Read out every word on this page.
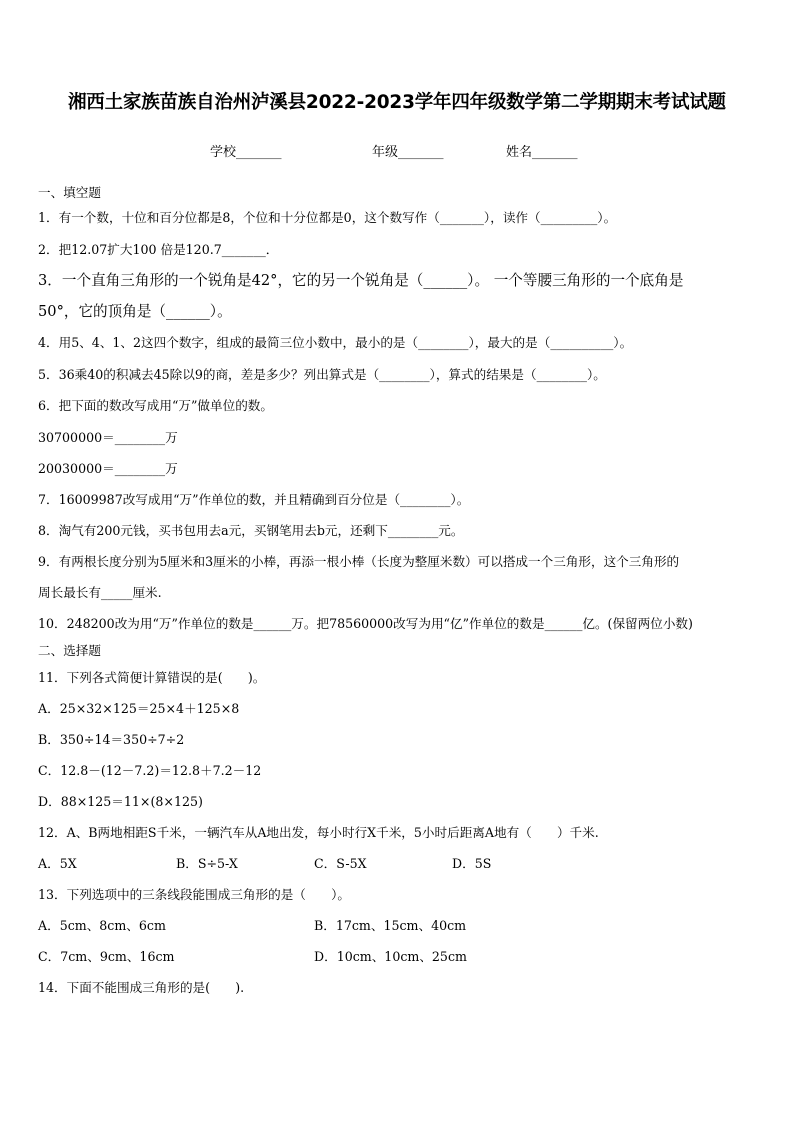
湘西土家族苗族自治州泸溪县2022-2023学年四年级数学第二学期期末考试试题
学校_______	年级_______	姓名_______
一、填空题
1．有一个数，十位和百分位都是8，个位和十分位都是0，这个数写作（_______），读作（_________）。
2．把12.07扩大100 倍是120.7_______．
3．一个直角三角形的一个锐角是42°，它的另一个锐角是（______）。 一个等腰三角形的一个底角是
50°，它的顶角是（______）。
4．用5、4、1、2这四个数字，组成的最简三位小数中，最小的是（________），最大的是（__________）。
5．36乘40的积减去45除以9的商，差是多少？列出算式是（________），算式的结果是（________）。
6．把下面的数改写成用“万”做单位的数。
30700000＝________万
20030000＝________万
7．16009987改写成用“万”作单位的数，并且精确到百分位是（________）。
8．淘气有200元钱，买书包用去a元，买钢笔用去b元，还剩下________元。
9．有两根长度分别为5厘米和3厘米的小棒，再添一根小棒（长度为整厘米数）可以搭成一个三角形，这个三角形的
周长最长有_____厘米.
10．248200改为用“万”作单位的数是______万。把78560000改写为用“亿”作单位的数是______亿。(保留两位小数)
二、选择题
11．下列各式简便计算错误的是(　　)。
A．25×32×125＝25×4＋125×8
B．350÷14＝350÷7÷2
C．12.8－(12－7.2)＝12.8＋7.2－12
D．88×125＝11×(8×125)
12．A、B两地相距S千米，一辆汽车从A地出发，每小时行X千米，5小时后距离A地有（　　）千米.
A．5X	B．S÷5-X	C．S-5X	D．5S
13．下列选项中的三条线段能围成三角形的是（　　）。
A．5cm、8cm、6cm	B．17cm、15cm、40cm
C．7cm、9cm、16cm	D．10cm、10cm、25cm
14．下面不能围成三角形的是(　　).
